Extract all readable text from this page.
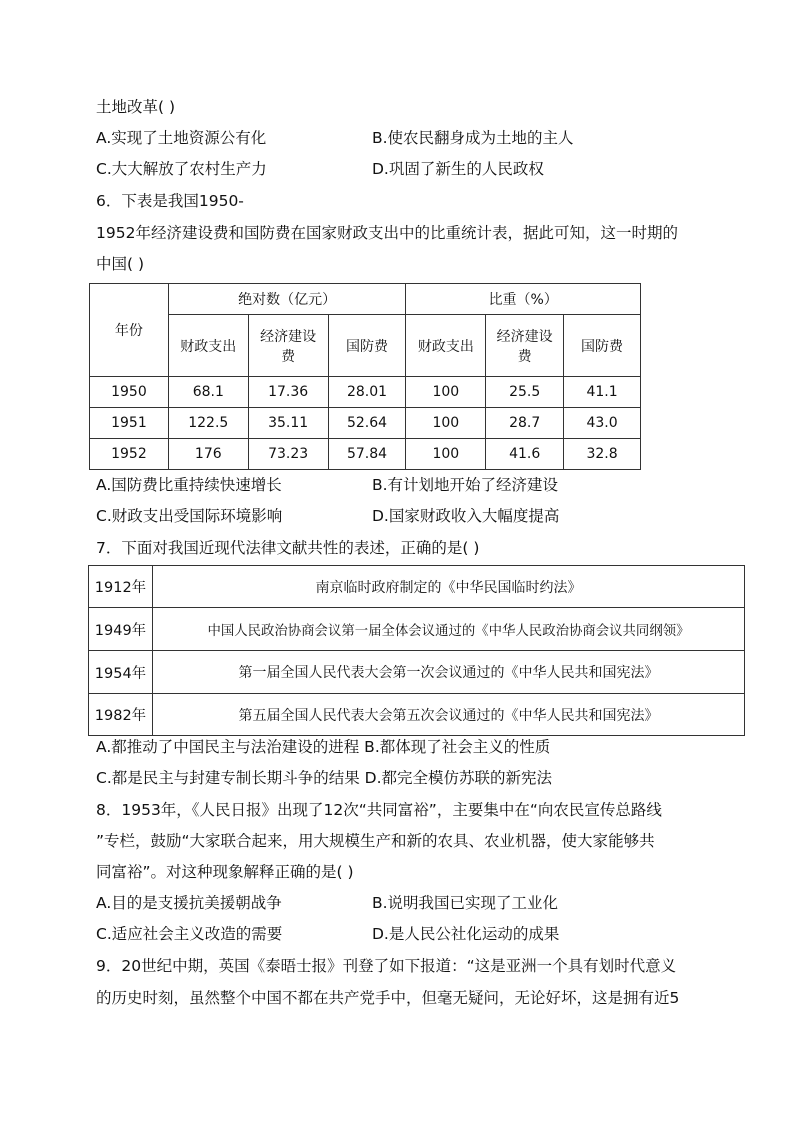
土地改革( )
A.实现了土地资源公有化	B.使农民翻身成为土地的主人
C.大大解放了农村生产力	D.巩固了新生的人民政权
6．下表是我国1950-
1952年经济建设费和国防费在国家财政支出中的比重统计表，据此可知，这一时期的
中国( )
年份	绝对数（亿元）			比重（%）		
	财政支出	经济建设费	国防费	财政支出	经济建设费	国防费
1950	68.1	17.36	28.01	100	25.5	41.1
1951	122.5	35.11	52.64	100	28.7	43.0
1952	176	73.23	57.84	100	41.6	32.8
A.国防费比重持续快速增长	B.有计划地开始了经济建设
C.财政支出受国际环境影响	D.国家财政收入大幅度提高
7．下面对我国近现代法律文献共性的表述，正确的是( )
1912年	南京临时政府制定的《中华民国临时约法》
1949年	中国人民政治协商会议第一届全体会议通过的《中华人民政治协商会议共同纲领》
1954年	第一届全国人民代表大会第一次会议通过的《中华人民共和国宪法》
1982年	第五届全国人民代表大会第五次会议通过的《中华人民共和国宪法》
A.都推动了中国民主与法治建设的进程 B.都体现了社会主义的性质
C.都是民主与封建专制长期斗争的结果 D.都完全模仿苏联的新宪法
8．1953年，《人民日报》出现了12次“共同富裕”，主要集中在“向农民宣传总路线
”专栏，鼓励“大家联合起来，用大规模生产和新的农具、农业机器，使大家能够共
同富裕”。对这种现象解释正确的是( )
A.目的是支援抗美援朝战争	B.说明我国已实现了工业化
C.适应社会主义改造的需要	D.是人民公社化运动的成果
9．20世纪中期，英国《泰晤士报》刊登了如下报道：“这是亚洲一个具有划时代意义
的历史时刻，虽然整个中国不都在共产党手中，但毫无疑问，无论好坏，这是拥有近5
